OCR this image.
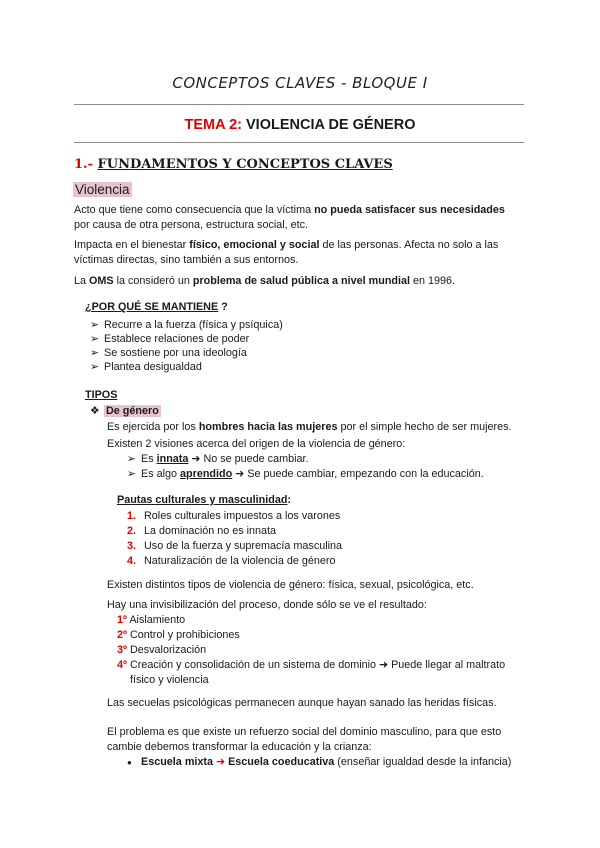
CONCEPTOS CLAVES - BLOQUE I
TEMA 2: VIOLENCIA DE GÉNERO
1.- FUNDAMENTOS Y CONCEPTOS CLAVES
Violencia
Acto que tiene como consecuencia que la víctima no pueda satisfacer sus necesidades
por causa de otra persona, estructura social, etc.
Impacta en el bienestar físico, emocional y social de las personas. Afecta no solo a las
víctimas directas, sino también a sus entornos.
La OMS la consideró un problema de salud pública a nivel mundial en 1996.
¿POR QUÉ SE MANTIENE ?
➢ Recurre a la fuerza (física y psíquica)
➢ Establece relaciones de poder
➢ Se sostiene por una ideología
➢ Plantea desigualdad
TIPOS
❖ De género
Es ejercida por los hombres hacia las mujeres por el simple hecho de ser mujeres.
Existen 2 visiones acerca del origen de la violencia de género:
➢ Es innata ➜ No se puede cambiar.
➢ Es algo aprendido ➜ Se puede cambiar, empezando con la educación.
Pautas culturales y masculinidad:
1. Roles culturales impuestos a los varones
2. La dominación no es innata
3. Uso de la fuerza y supremacía masculina
4. Naturalización de la violencia de género
Existen distintos tipos de violencia de género: física, sexual, psicológica, etc.
Hay una invisibilización del proceso, donde sólo se ve el resultado:
1º Aislamiento
2º Control y prohibiciones
3º Desvalorización
4º Creación y consolidación de un sistema de dominio ➜ Puede llegar al maltrato
físico y violencia
Las secuelas psicológicas permanecen aunque hayan sanado las heridas físicas.
El problema es que existe un refuerzo social del dominio masculino, para que esto
cambie debemos transformar la educación y la crianza:
● Escuela mixta ➜ Escuela coeducativa (enseñar igualdad desde la infancia)
